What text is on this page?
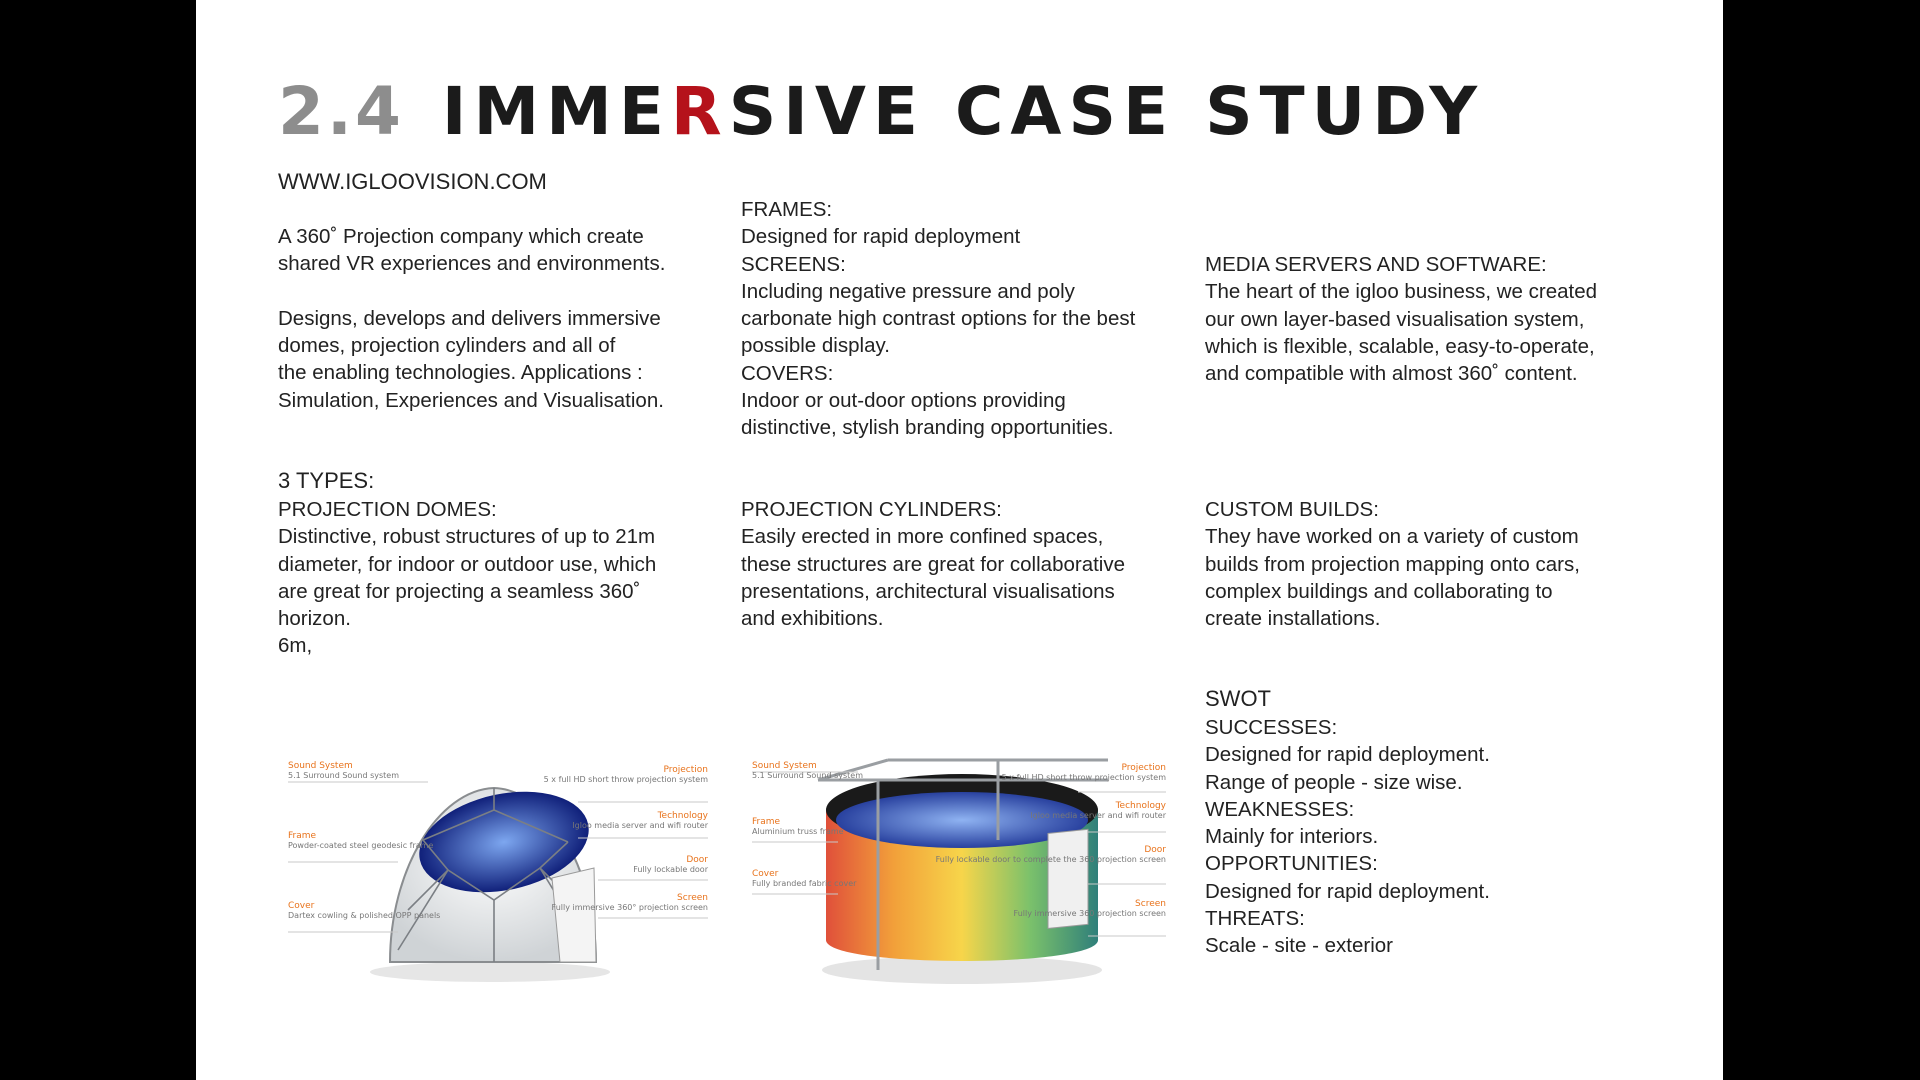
2.4 IMMERSIVE CASE STUDY
WWW.IGLOOVISION.COM
A 360˚ Projection company which create
shared VR experiences and environments.

Designs, develops and delivers immersive
domes, projection cylinders and all of
the enabling technologies. Applications :
Simulation, Experiences and Visualisation.
3 TYPES:
PROJECTION DOMES:
Distinctive, robust structures of up to 21m
diameter, for indoor or outdoor use, which
are great for projecting a seamless 360˚
horizon.
6m,
FRAMES:
Designed for rapid deployment
SCREENS:
Including negative pressure and poly
carbonate high contrast options for the best
possible display.
COVERS:
Indoor or out-door options providing
distinctive, stylish branding opportunities.
PROJECTION CYLINDERS:
Easily erected in more confined spaces,
these structures are great for collaborative
presentations, architectural visualisations
and exhibitions.
MEDIA SERVERS AND SOFTWARE:
The heart of the igloo business, we created
our own layer-based visualisation system,
which is flexible, scalable, easy-to-operate,
and compatible with almost 360˚ content.
CUSTOM BUILDS:
They have worked on a variety of custom
builds from projection mapping onto cars,
complex buildings and collaborating to
create installations.
SWOT
SUCCESSES:
Designed for rapid deployment.
Range of people - size wise.
WEAKNESSES:
Mainly for interiors.
OPPORTUNITIES:
Designed for rapid deployment.
THREATS:
Scale - site - exterior
Sound System
5.1 Surround Sound system
Frame
Powder-coated steel geodesic frame
Cover
Dartex cowling & polished OPP panels
Projection
5 x full HD short throw projection system
Technology
Igloo media server and wifi router
Door
Fully lockable door
Screen
Fully immersive 360° projection screen
Sound System
5.1 Surround Sound system
Frame
Aluminium truss frame
Cover
Fully branded fabric cover
Projection
5 x full HD short throw projection system
Technology
Igloo media server and wifi router
Door
Fully lockable door to complete the 360 projection screen
Screen
Fully immersive 360 projection screen
